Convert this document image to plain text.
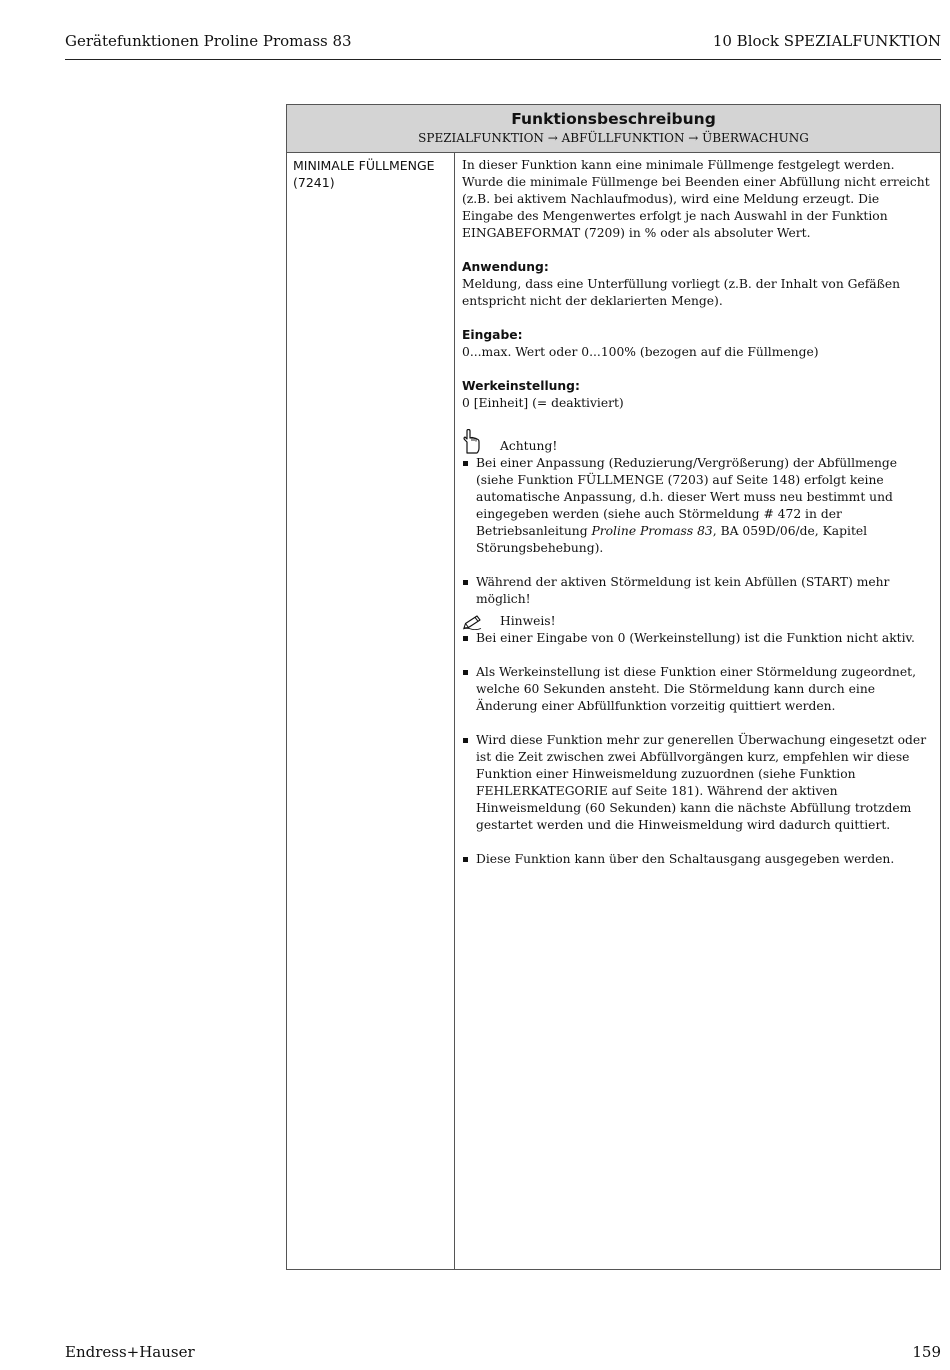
Gerätefunktionen Proline Promass 83	10 Block SPEZIALFUNKTION
Funktionsbeschreibung
SPEZIALFUNKTION → ABFÜLLFUNKTION → ÜBERWACHUNG
MINIMALE FÜLLMENGE
(7241)

In dieser Funktion kann eine minimale Füllmenge festgelegt werden. Wurde die minimale Füllmenge bei Beenden einer Abfüllung nicht erreicht (z.B. bei aktivem Nachlaufmodus), wird eine Meldung erzeugt. Die Eingabe des Mengenwertes erfolgt je nach Auswahl in der Funktion EINGABEFORMAT (7209) in % oder als absoluter Wert.

Anwendung:

Meldung, dass eine Unterfüllung vorliegt (z.B. der Inhalt von Gefäßen entspricht nicht der deklarierten Menge).

Eingabe:

0...max. Wert oder 0...100% (bezogen auf die Füllmenge)

Werkeinstellung:

0 [Einheit] (= deaktiviert)

Achtung!
Bei einer Anpassung (Reduzierung/Vergrößerung) der Abfüllmenge (siehe Funktion FÜLLMENGE (7203) auf Seite 148) erfolgt keine automatische Anpassung, d.h. dieser Wert muss neu bestimmt und eingegeben werden (siehe auch Störmeldung # 472 in der Betriebsanleitung Proline Promass 83, BA 059D/06/de, Kapitel Störungsbehebung).
Während der aktiven Störmeldung ist kein Abfüllen (START) mehr möglich!
Hinweis!
Bei einer Eingabe von 0 (Werkeinstellung) ist die Funktion nicht aktiv.
Als Werkeinstellung ist diese Funktion einer Störmeldung zugeordnet, welche 60 Sekunden ansteht. Die Störmeldung kann durch eine Änderung einer Abfüllfunktion vorzeitig quittiert werden.
Wird diese Funktion mehr zur generellen Überwachung eingesetzt oder ist die Zeit zwischen zwei Abfüllvorgängen kurz, empfehlen wir diese Funktion einer Hinweismeldung zuzuordnen (siehe Funktion FEHLERKATEGORIE auf Seite 181). Während der aktiven Hinweismeldung (60 Sekunden) kann die nächste Abfüllung trotzdem gestartet werden und die Hinweismeldung wird dadurch quittiert.
Diese Funktion kann über den Schaltausgang ausgegeben werden.
Endress+Hauser	159
